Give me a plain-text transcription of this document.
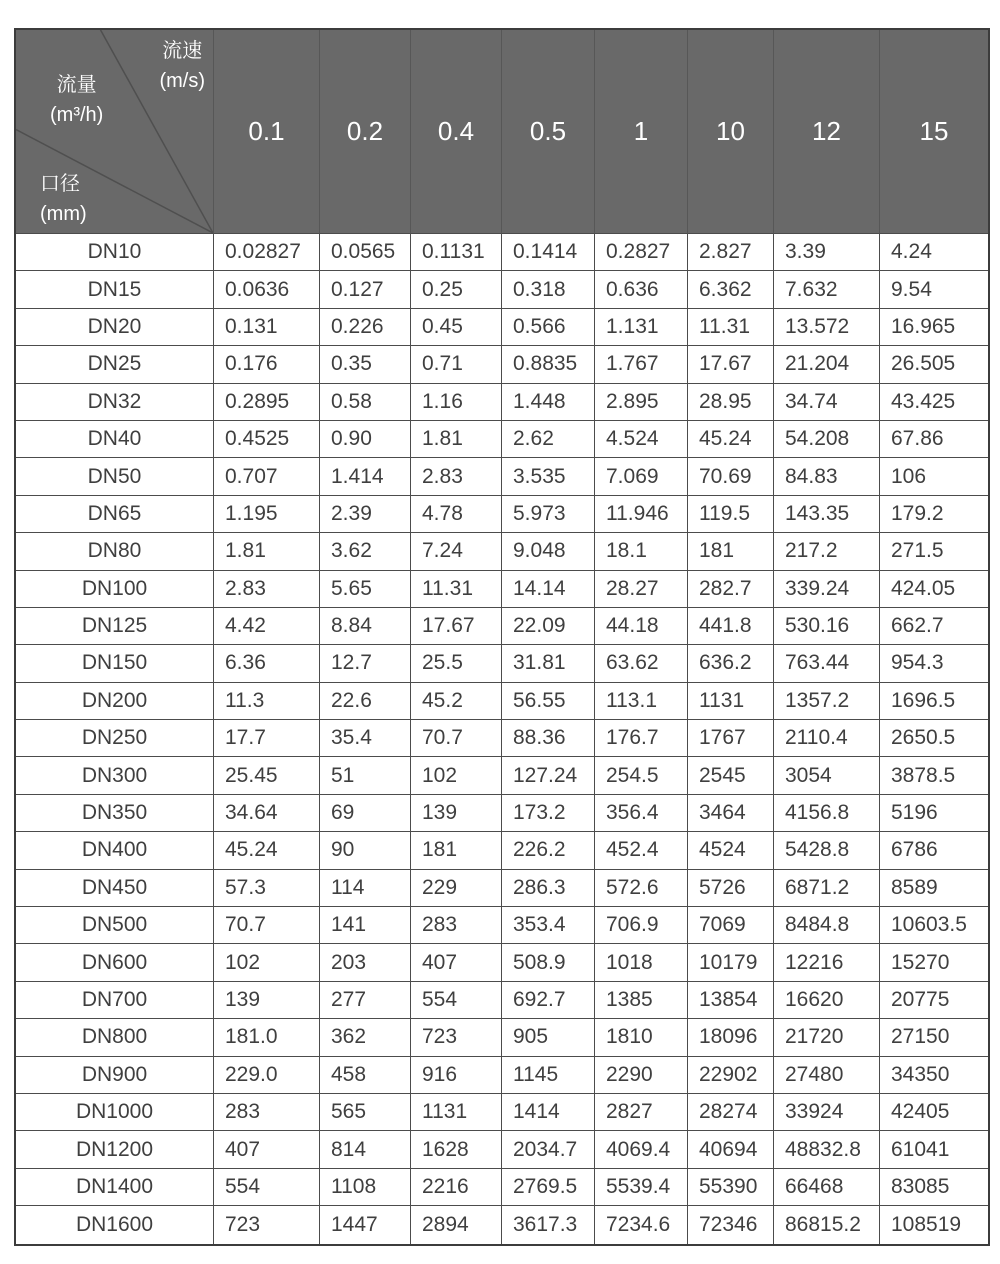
流速
(m/s)
流量
(m³/h)
口径
(mm)
0.1	0.2	0.4	0.5	1	10	12	15
DN10	0.02827	0.0565	0.1131	0.1414	0.2827	2.827	3.39	4.24
DN15	0.0636	0.127	0.25	0.318	0.636	6.362	7.632	9.54
DN20	0.131	0.226	0.45	0.566	1.131	11.31	13.572	16.965
DN25	0.176	0.35	0.71	0.8835	1.767	17.67	21.204	26.505
DN32	0.2895	0.58	1.16	1.448	2.895	28.95	34.74	43.425
DN40	0.4525	0.90	1.81	2.62	4.524	45.24	54.208	67.86
DN50	0.707	1.414	2.83	3.535	7.069	70.69	84.83	106
DN65	1.195	2.39	4.78	5.973	11.946	119.5	143.35	179.2
DN80	1.81	3.62	7.24	9.048	18.1	181	217.2	271.5
DN100	2.83	5.65	11.31	14.14	28.27	282.7	339.24	424.05
DN125	4.42	8.84	17.67	22.09	44.18	441.8	530.16	662.7
DN150	6.36	12.7	25.5	31.81	63.62	636.2	763.44	954.3
DN200	11.3	22.6	45.2	56.55	113.1	1131	1357.2	1696.5
DN250	17.7	35.4	70.7	88.36	176.7	1767	2110.4	2650.5
DN300	25.45	51	102	127.24	254.5	2545	3054	3878.5
DN350	34.64	69	139	173.2	356.4	3464	4156.8	5196
DN400	45.24	90	181	226.2	452.4	4524	5428.8	6786
DN450	57.3	114	229	286.3	572.6	5726	6871.2	8589
DN500	70.7	141	283	353.4	706.9	7069	8484.8	10603.5
DN600	102	203	407	508.9	1018	10179	12216	15270
DN700	139	277	554	692.7	1385	13854	16620	20775
DN800	181.0	362	723	905	1810	18096	21720	27150
DN900	229.0	458	916	1145	2290	22902	27480	34350
DN1000	283	565	1131	1414	2827	28274	33924	42405
DN1200	407	814	1628	2034.7	4069.4	40694	48832.8	61041
DN1400	554	1108	2216	2769.5	5539.4	55390	66468	83085
DN1600	723	1447	2894	3617.3	7234.6	72346	86815.2	108519
